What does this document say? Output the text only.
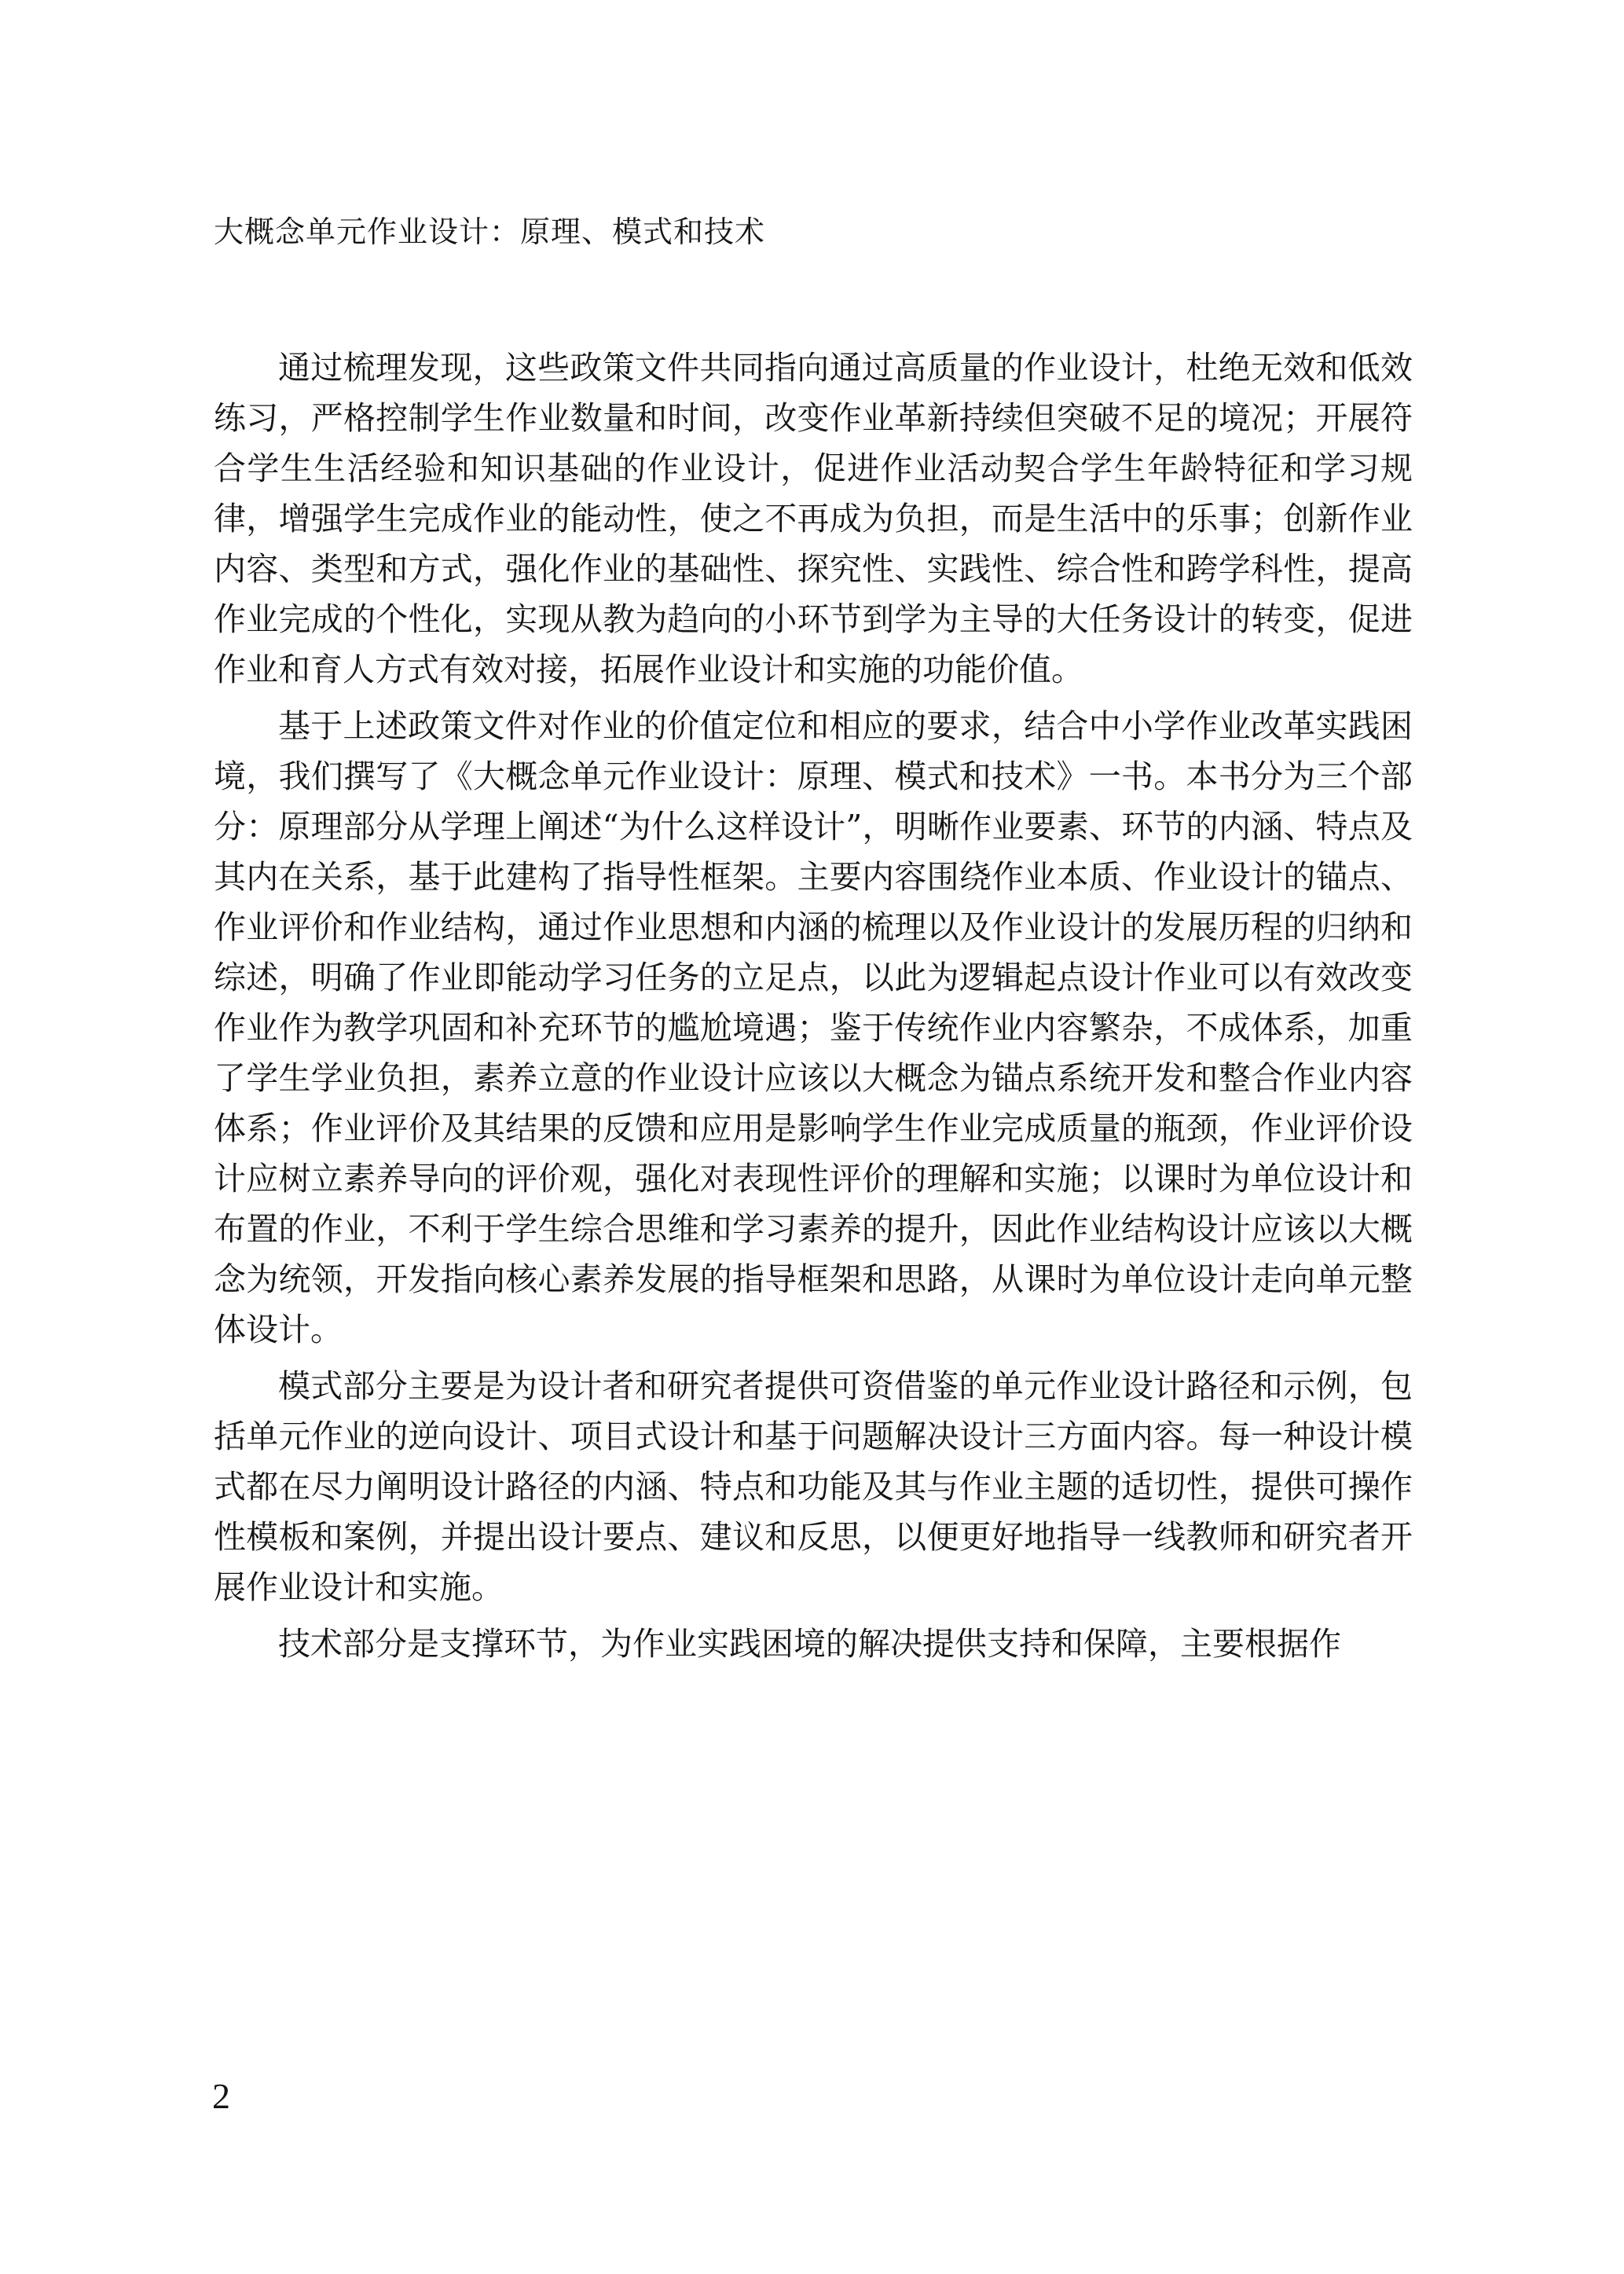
大概念单元作业设计：原理、模式和技术

通过梳理发现，这些政策文件共同指向通过高质量的作业设计，杜绝无效和低效练习，严格控制学生作业数量和时间，改变作业革新持续但突破不足的境况；开展符合学生生活经验和知识基础的作业设计，促进作业活动契合学生年龄特征和学习规律，增强学生完成作业的能动性，使之不再成为负担，而是生活中的乐事；创新作业内容、类型和方式，强化作业的基础性、探究性、实践性、综合性和跨学科性，提高作业完成的个性化，实现从教为趋向的小环节到学为主导的大任务设计的转变，促进作业和育人方式有效对接，拓展作业设计和实施的功能价值。

基于上述政策文件对作业的价值定位和相应的要求，结合中小学作业改革实践困境，我们撰写了《大概念单元作业设计：原理、模式和技术》一书。本书分为三个部分：原理部分从学理上阐述“为什么这样设计”，明晰作业要素、环节的内涵、特点及其内在关系，基于此建构了指导性框架。主要内容围绕作业本质、作业设计的锚点、作业评价和作业结构，通过作业思想和内涵的梳理以及作业设计的发展历程的归纳和综述，明确了作业即能动学习任务的立足点，以此为逻辑起点设计作业可以有效改变作业作为教学巩固和补充环节的尴尬境遇；鉴于传统作业内容繁杂，不成体系，加重了学生学业负担，素养立意的作业设计应该以大概念为锚点系统开发和整合作业内容体系；作业评价及其结果的反馈和应用是影响学生作业完成质量的瓶颈，作业评价设计应树立素养导向的评价观，强化对表现性评价的理解和实施；以课时为单位设计和布置的作业，不利于学生综合思维和学习素养的提升，因此作业结构设计应该以大概念为统领，开发指向核心素养发展的指导框架和思路，从课时为单位设计走向单元整体设计。

模式部分主要是为设计者和研究者提供可资借鉴的单元作业设计路径和示例，包括单元作业的逆向设计、项目式设计和基于问题解决设计三方面内容。每一种设计模式都在尽力阐明设计路径的内涵、特点和功能及其与作业主题的适切性，提供可操作性模板和案例，并提出设计要点、建议和反思，以便更好地指导一线教师和研究者开展作业设计和实施。

技术部分是支撑环节，为作业实践困境的解决提供支持和保障，主要根据作

2
